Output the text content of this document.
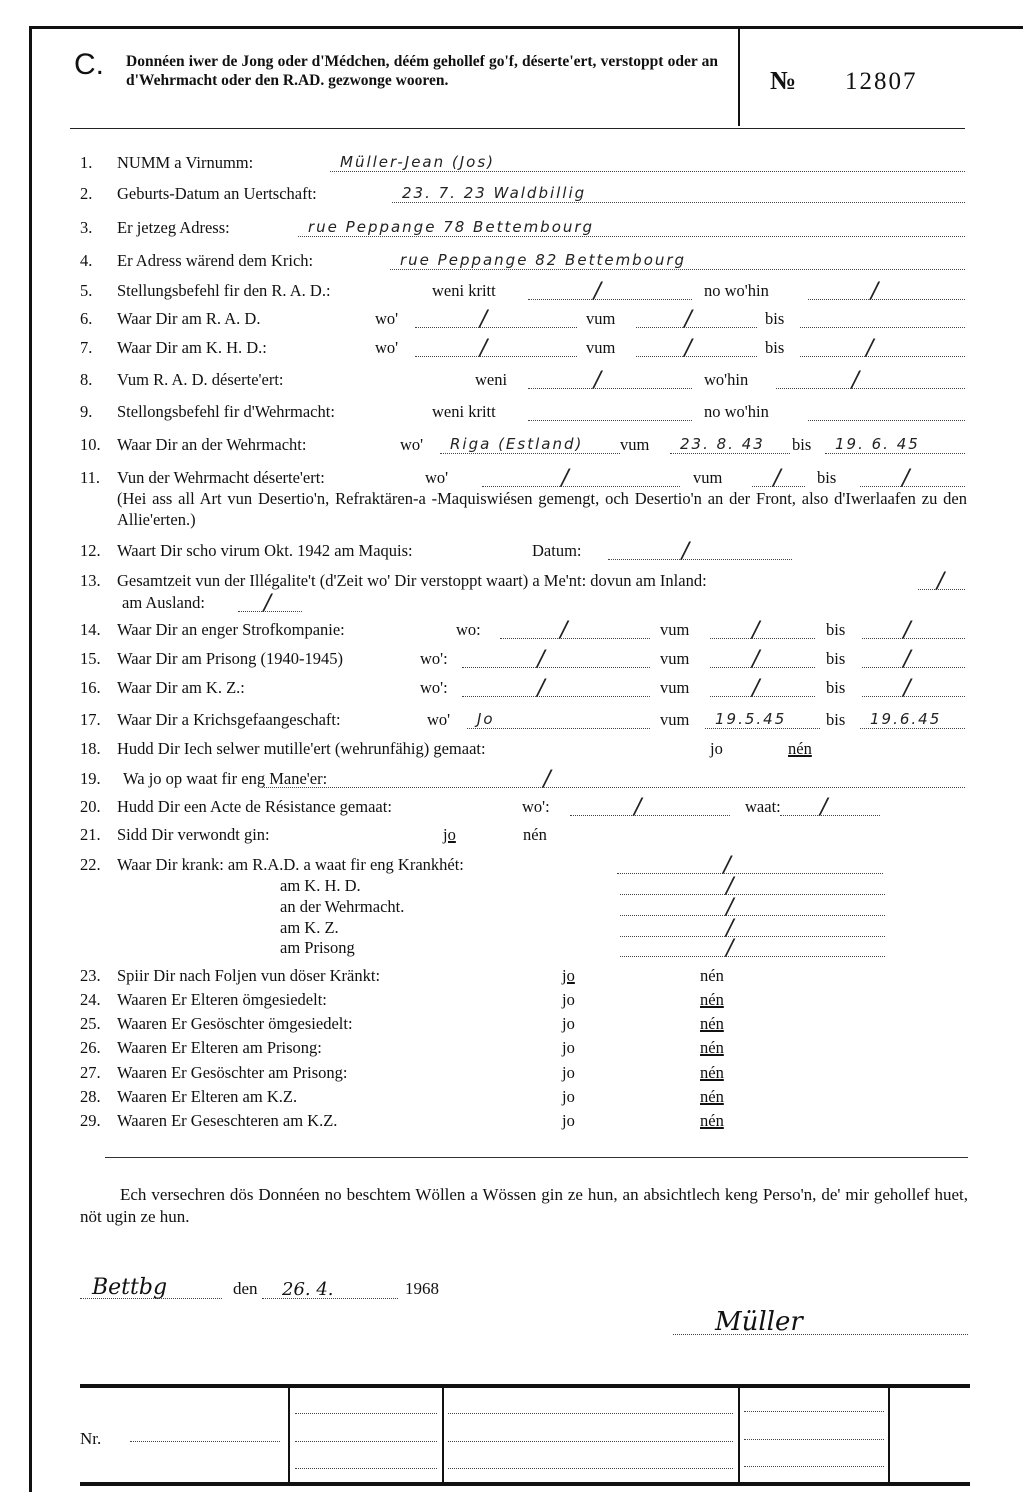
C. Donnéen iwer de Jong oder d'Médchen, déém gehollef go'f, déserte'ert, verstoppt oder an d'Wehrmacht oder den R.AD. gezwonge wooren.	№ 12807
1. NUMM a Virnumm:	Müller-Jean (Jos)
2. Geburts-Datum an Uertschaft:	23. 7. 23 Waldbillig
3. Er jetzeg Adress:	rue Peppange 78 Bettembourg
4. Er Adress wärend dem Krich:	rue Peppange 82 Bettembourg
5. Stellungsbefehl fir den R. A. D.:	weni kritt	/	no wo'hin	/
6. Waar Dir am R. A. D.	wo'	/	vum	/	bis
7. Waar Dir am K. H. D.:	wo'	/	vum	/	bis	/
8. Vum R. A. D. déserte'ert:	weni	/	wo'hin	/
9. Stellongsbefehl fir d'Wehrmacht:	weni kritt	no wo'hin
10. Waar Dir an der Wehrmacht:	wo' Riga (Estland) vum 23. 8. 43 bis 19. 6. 45
11. Vun der Wehrmacht déserte'ert:	wo'	/	vum / bis	/
12. Waart Dir scho virum Okt. 1942 am Maquis:	Datum:	/
13. Gesamtzeit vun der Illégalite't (d'Zeit wo' Dir verstoppt waart) a Me'nt: dovun am Inland:	/
am Ausland:	/
14. Waar Dir an enger Strofkompanie:	wo:	/	vum	/	bis	/
15. Waar Dir am Prisong (1940-1945)	wo':	/	vum	/	bis	/
16. Waar Dir am K. Z.:	wo':	/	vum	/	bis	/
17. Waar Dir a Krichsgefaangeschaft:	wo' Jo	vum 19.5.45 bis 19.6.45
18. Hudd Dir Iech selwer mutille'ert (wehrunfähig) gemaat:	jo	nén
19. Wa jo op waat fir eng Mane'er:	/
20. Hudd Dir een Acte de Résistance gemaat:	wo':	/	waat: /
21. Sidd Dir verwondt gin:	jo	nén
22. Waar Dir krank: am R.A.D. a waat fir eng Krankhét:	/
am K. H. D.	/
an der Wehrmacht.	/
am K. Z.	/
am Prisong	/
23. Spiir Dir nach Foljen vun döser Kränkt:	jo	nén
24. Waaren Er Elteren ömgesiedelt:	jo	nén
25. Waaren Er Gesöschter ömgesiedelt:	jo	nén
26. Waaren Er Elteren am Prisong:	jo	nén
27. Waaren Er Gesöschter am Prisong:	jo	nén
28. Waaren Er Elteren am K.Z.	jo	nén
29. Waaren Er Geseschteren am K.Z.	jo	nén
(Hei ass all Art vun Desertio'n, Refraktären-a -Maquiswiésen gemengt, och Desertio'n an der Front, also d'Iwerlaafen zu den Allie'erten.)
Ech versechren dös Donnéen no beschtem Wöllen a Wössen gin ze hun, an absichtlech keng Perso'n, de' mir gehollef huet, nöt ugin ze hun.
Bettbg	den 26. 4.	1968
Müller
Nr.
